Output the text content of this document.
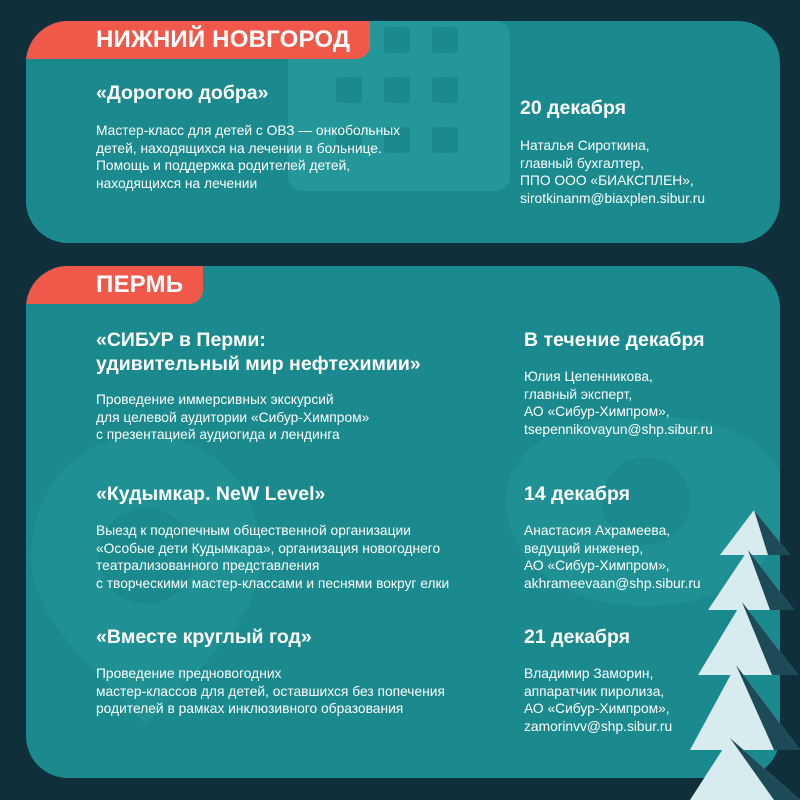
НИЖНИЙ НОВГОРОД
«Дорогою добра»
Мастер-класс для детей с ОВЗ — онкобольных
детей, находящихся на лечении в больнице.
Помощь и поддержка родителей детей,
находящихся на лечении
20 декабря
Наталья Сироткина,
главный бухгалтер,
ППО ООО «БИАКСПЛЕН»,
sirotkinanm@biaxplen.sibur.ru
ПЕРМЬ
«СИБУР в Перми:
удивительный мир нефтехимии»
Проведение иммерсивных экскурсий
для целевой аудитории «Сибур-Химпром»
с презентацией аудиогида и лендинга
В течение декабря
Юлия Цепенникова,
главный эксперт,
АО «Сибур-Химпром»,
tsepennikovayun@shp.sibur.ru
«Кудымкар. NeW Level»
Выезд к подопечным общественной организации
«Особые дети Кудымкара», организация новогоднего
театрализованного представления
с творческими мастер-классами и песнями вокруг елки
14 декабря
Анастасия Ахрамеева,
ведущий инженер,
АО «Сибур-Химпром»,
akhrameevaan@shp.sibur.ru
«Вместе круглый год»
Проведение предновогодних
мастер-классов для детей, оставшихся без попечения
родителей в рамках инклюзивного образования
21 декабря
Владимир Заморин,
аппаратчик пиролиза,
АО «Сибур-Химпром»,
zamorinvv@shp.sibur.ru
